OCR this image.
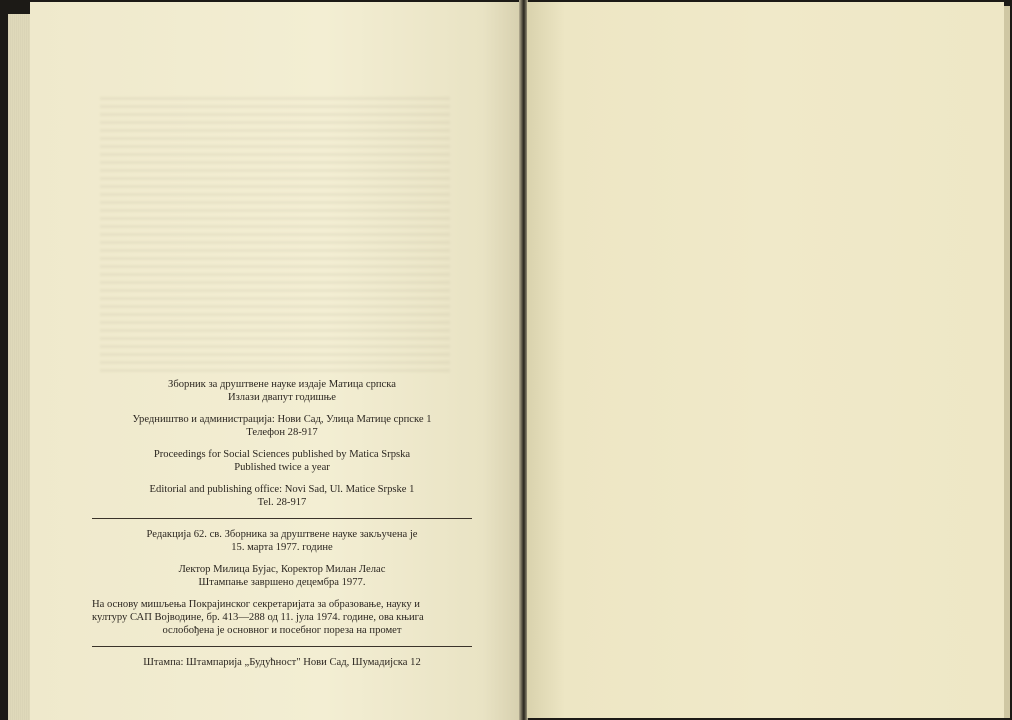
Зборник за друштвене науке издаје Матица српска
Излази двапут годишње
Уредништво и администрација: Нови Сад, Улица Матице српске 1
Телефон 28-917
Proceedings for Social Sciences published by Matica Srpska
Published twice a year
Editorial and publishing office: Novi Sad, Ul. Matice Srpske 1
Tel. 28-917
Редакција 62. св. Зборника за друштвене науке закључена је
15. марта 1977. године
Лектор Милица Бујас, Коректор Милан Лелас
Штампање завршено децембра 1977.
На основу мишљења Покрајинског секретаријата за образовање, науку и
културу САП Војводине, бр. 413—288 од 11. јула 1974. године, ова књига
ослобођена је основног и посебног пореза на промет
Штампа: Штампарија „Будућност" Нови Сад, Шумадијска 12
